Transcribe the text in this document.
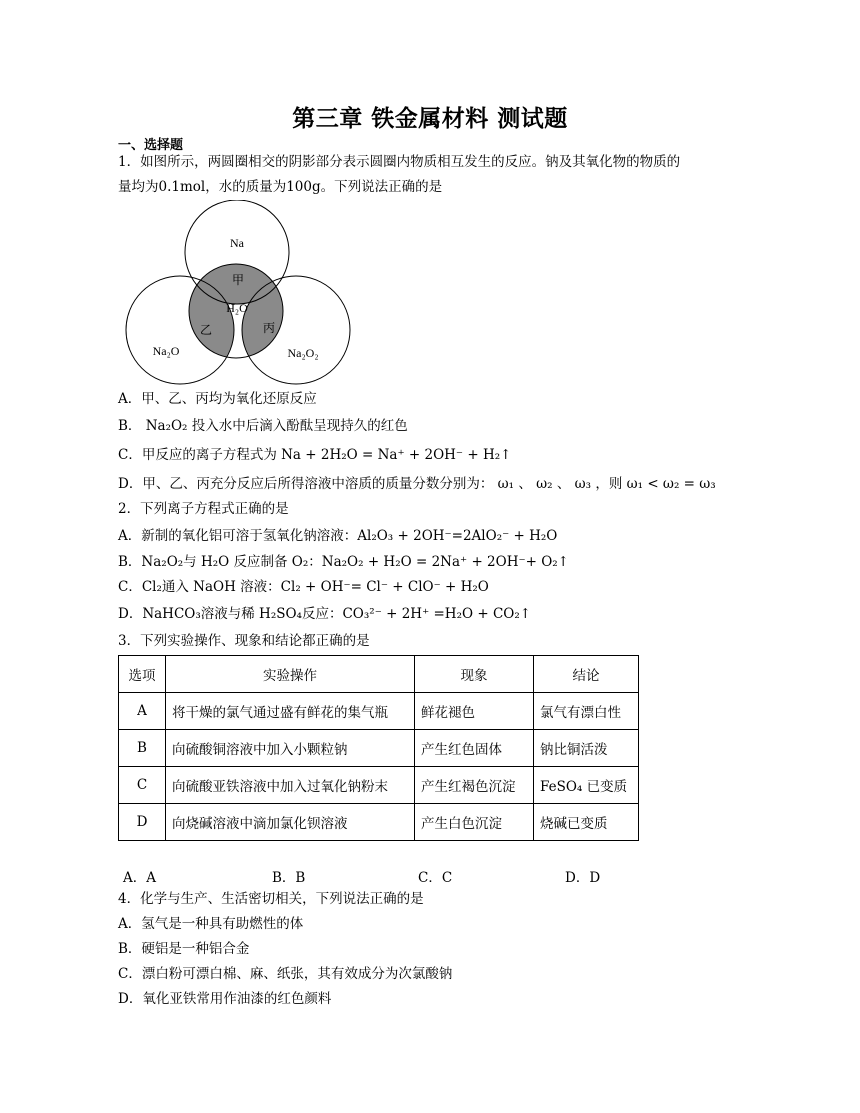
第三章 铁金属材料 测试题
一、选择题
1．如图所示，两圆圈相交的阴影部分表示圆圈内物质相互发生的反应。钠及其氧化物的物质的
量均为0.1mol，水的质量为100g。下列说法正确的是
Na
甲
H₂O
乙	丙
Na₂O	Na₂O₂
A．甲、乙、丙均为氧化还原反应
B． Na₂O₂ 投入水中后滴入酚酞呈现持久的红色
C．甲反应的离子方程式为 Na + 2H₂O = Na⁺ + 2OH⁻ + H₂↑
D．甲、乙、丙充分反应后所得溶液中溶质的质量分数分别为： ω₁ 、 ω₂ 、 ω₃ ，则 ω₁ < ω₂ = ω₃
2．下列离子方程式正确的是
A．新制的氧化铝可溶于氢氧化钠溶液：Al₂O₃ + 2OH⁻=2AlO₂⁻ + H₂O
B．Na₂O₂与 H₂O 反应制备 O₂：Na₂O₂ + H₂O = 2Na⁺ + 2OH⁻+ O₂↑
C．Cl₂通入 NaOH 溶液：Cl₂ + OH⁻= Cl⁻ + ClO⁻ + H₂O
D．NaHCO₃溶液与稀 H₂SO₄反应：CO₃²⁻ + 2H⁺ =H₂O + CO₂↑
3．下列实验操作、现象和结论都正确的是
选项	实验操作	现象	结论
A	将干燥的氯气通过盛有鲜花的集气瓶	鲜花褪色	氯气有漂白性
B	向硫酸铜溶液中加入小颗粒钠	产生红色固体	钠比铜活泼
C	向硫酸亚铁溶液中加入过氧化钠粉末	产生红褐色沉淀	FeSO₄ 已变质
D	向烧碱溶液中滴加氯化钡溶液	产生白色沉淀	烧碱已变质
A．A	B．B	C．C	D．D
4．化学与生产、生活密切相关，下列说法正确的是
A．氢气是一种具有助燃性的体
B．硬铝是一种铝合金
C．漂白粉可漂白棉、麻、纸张，其有效成分为次氯酸钠
D．氧化亚铁常用作油漆的红色颜料
